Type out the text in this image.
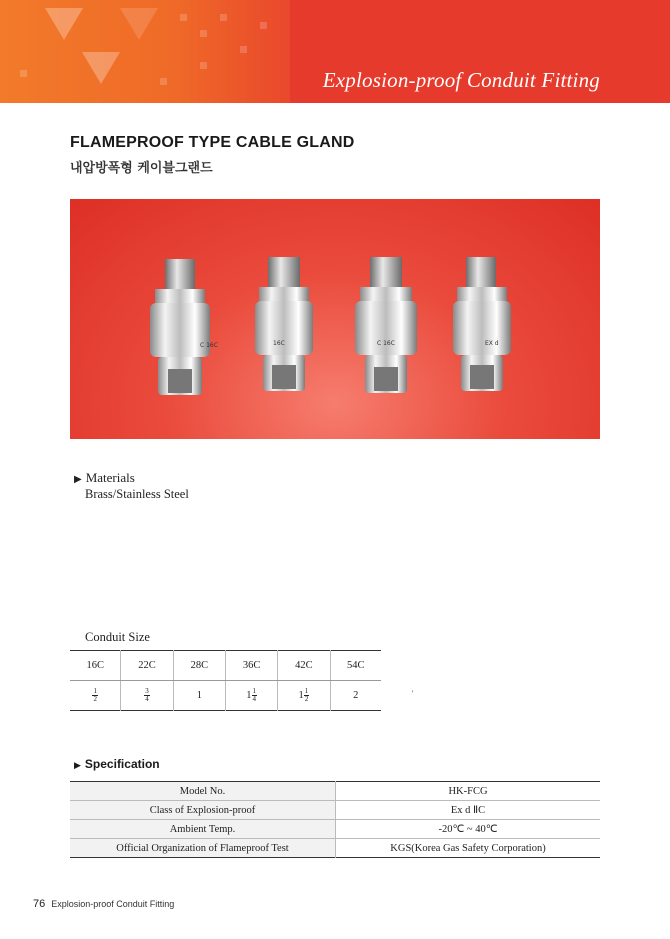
Explosion-proof Conduit Fitting
FLAMEPROOF TYPE CABLE GLAND
내압방폭형 케이블그랜드
C 16C	16C	C 16C	EX d
▶ Materials
Brass/Stainless Steel
Conduit Size
16C	22C	28C	36C	42C	54C

$\frac{1}{2}$	$\frac{3}{4}$	1	$1 \frac{1}{4}$	$1 \frac{1}{2}$	2	'
▶ Specification
Model No.	HK-FCG
Class of Explosion-proof	Ex d ⅡC
Ambient Temp.	-20℃ ~ 40℃
Official Organization of Flameproof Test	KGS(Korea Gas Safety Corporation)
76 Explosion-proof Conduit Fitting
